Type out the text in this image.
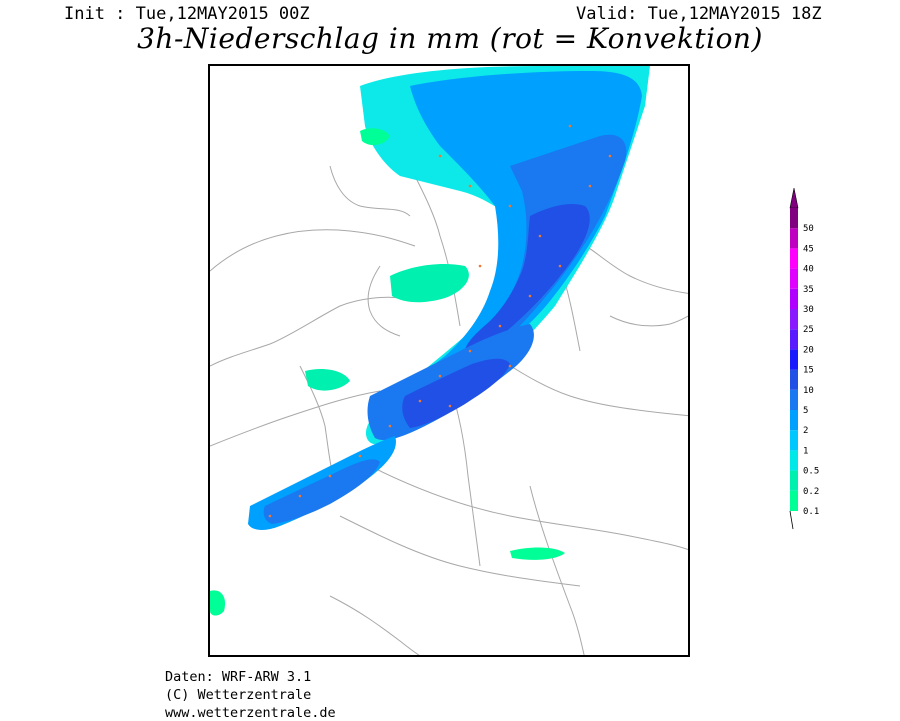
Init : Tue,12MAY2015 00Z	Valid: Tue,12MAY2015 18Z
3h-Niederschlag in mm (rot = Konvektion)
0.1
0.2
0.5
1
2
5
10
15
20
25
30
35
40
45
50
Daten: WRF-ARW 3.1
(C) Wetterzentrale
www.wetterzentrale.de
